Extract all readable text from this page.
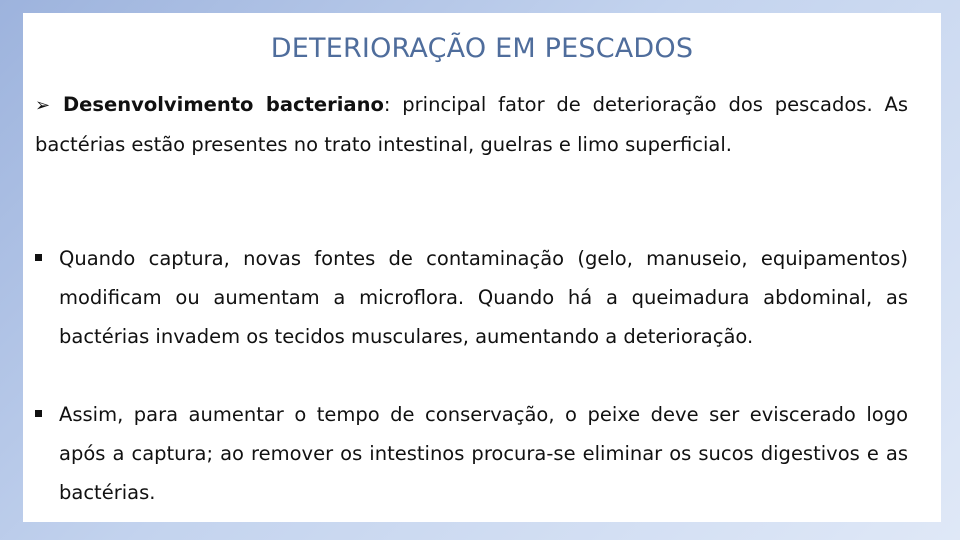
DETERIORAÇÃO EM PESCADOS
➢ Desenvolvimento bacteriano: principal fator de deterioração dos pescados. As bactérias estão presentes no trato intestinal, guelras e limo superficial.
Quando captura, novas fontes de contaminação (gelo, manuseio, equipamentos) modificam ou aumentam a microflora. Quando há a queimadura abdominal, as bactérias invadem os tecidos musculares, aumentando a deterioração.
Assim, para aumentar o tempo de conservação, o peixe deve ser eviscerado logo após a captura; ao remover os intestinos procura-se eliminar os sucos digestivos e as bactérias.
